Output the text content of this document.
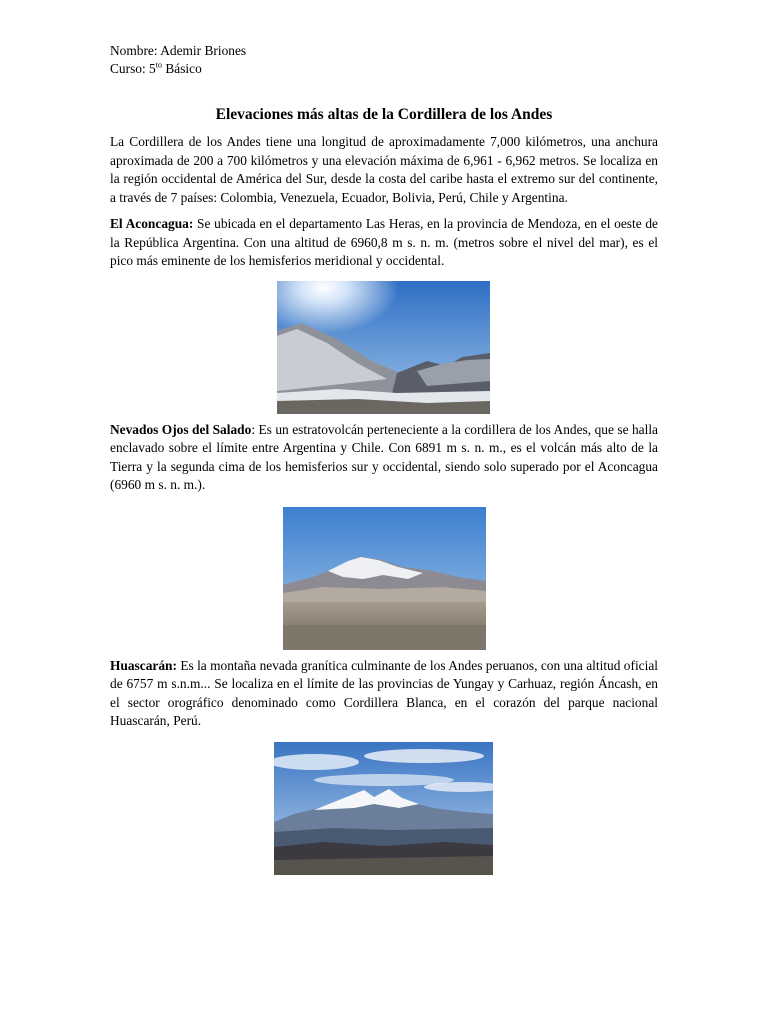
Nombre: Ademir Briones
Curso: $5^{to}$ Básico
Elevaciones más altas de la Cordillera de los Andes

La Cordillera de los Andes tiene una longitud de aproximadamente 7,000 kilómetros, una anchura aproximada de 200 a 700 kilómetros y una elevación máxima de 6,961 - 6,962 metros. Se localiza en la región occidental de América del Sur, desde la costa del caribe hasta el extremo sur del continente, a través de 7 países: Colombia, Venezuela, Ecuador, Bolivia, Perú, Chile y Argentina.

El Aconcagua: Se ubicada en el departamento Las Heras, en la provincia de Mendoza, en el oeste de la República Argentina. Con una altitud de 6960,8 m s. n. m. (metros sobre el nivel del mar), es el pico más eminente de los hemisferios meridional y occidental.

Nevados Ojos del Salado: Es un estratovolcán perteneciente a la cordillera de los Andes, que se halla enclavado sobre el límite entre Argentina y Chile. Con 6891 m s. n. m., es el volcán más alto de la Tierra y la segunda cima de los hemisferios sur y occidental, siendo solo superado por el Aconcagua (6960 m s. n. m.).

Huascarán: Es la montaña nevada granítica culminante de los Andes peruanos, con una altitud oficial de 6757 m s.n.m... Se localiza en el límite de las provincias de Yungay y Carhuaz, región Áncash, en el sector orográfico denominado como Cordillera Blanca, en el corazón del parque nacional Huascarán, Perú.
